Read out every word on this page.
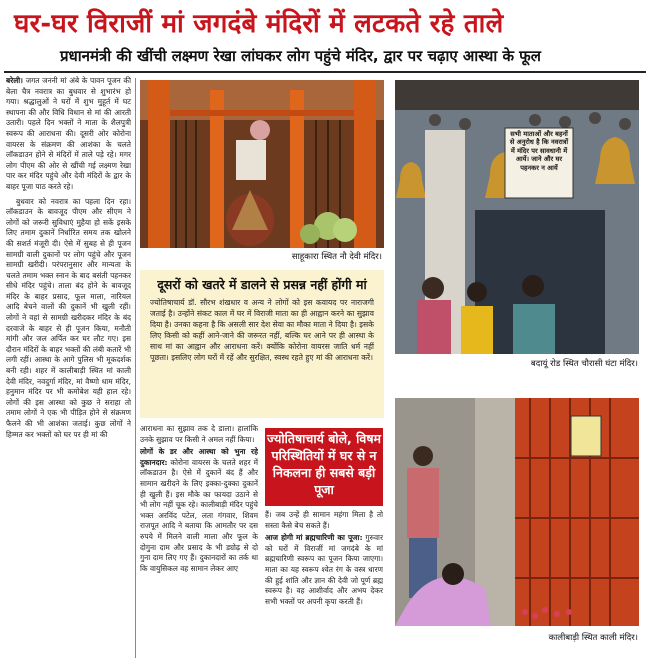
घर-घर विराजीं मां जगदंबे मंदिरों में लटकते रहे ताले
प्रधानमंत्री की खींची लक्ष्मण रेखा लांघकर लोग पहुंचे मंदिर, द्वार पर चढ़ाए आस्था के फूल

बरेली। जगत जननी मां अंबे के पावन पूजन की बेला चैत्र नवरात्र का बुधवार से शुभारंभ हो गया। श्रद्धालुओं ने घरों में शुभ मुहूर्त में घट स्थापना की और विधि विधान से मां की आरती उतारी। पहले दिन भक्तों ने माता के शैलपुत्री स्वरूप की आराधना की। दूसरी ओर कोरोना वायरस के संक्रमण की आशंका के चलते लॉकडाउन होने से मंदिरों में ताले पड़े रहे। मगर लोग पीएम की ओर से खींची गई लक्ष्मण रेखा पार कर मंदिर पहुंचे और देवी मंदिरों के द्वार के बाहर पूजा पाठ करते रहे।

बुधवार को नवरात्र का पहला दिन रहा। लॉकडाउन के बावजूद पीएम और सीएम ने लोगों को जरूरी सुविधाएं मुहैया हो सकें इसके लिए तमाम दुकानें निर्धारित समय तक खोलने की सशर्त मंजूरी दी। ऐसे में सुबह से ही पूजन सामग्री वाली दुकानों पर लोग पहुंचे और पूजन सामग्री खरीदी। परंपरानुसार और मान्यता के चलते तमाम भक्त स्नान के बाद बसंती पहनकर सीधे मंदिर पहुंचे। ताला बंद होने के बावजूद मंदिर के बाहर प्रसाद, फूल माला, नारियल आदि बेचने वालों की दुकानें भी खुली रहीं। लोगों ने वहां से सामग्री खरीदकर मंदिर के बंद दरवाजे के बाहर से ही पूजन किया, मनौती मांगी और जल अर्पित कर घर लौट गए। इस दौरान मंदिरों के बाहर भक्तों की लंबी कतारें भी लगी रहीं। आस्था के आगे पुलिस भी मूकदर्शक बनी रही। शहर में कालीबाड़ी स्थित मां काली देवी मंदिर, नवदुर्गा मंदिर, मां वैष्णो धाम मंदिर, हनुमान मंदिर पर भी कमोबेश यही हाल रहे। लोगों की इस आस्था को कुछ ने सराहा तो तमाम लोगों ने एक भी पीड़ित होने से संक्रमण फैलने की भी आशंका जताई। कुछ लोगों ने हिम्मत कर भक्तों को घर पर ही मां की

साहूकारा स्थित नौ देवी मंदिर।
दूसरों को खतरे में डालने से प्रसन्न नहीं होंगी मां
ज्योतिषाचार्य डॉ. सौरभ शंखधार व अन्य ने लोगों को इस कवायद पर नाराजगी जताई है। उन्होंने संकट काल में घर में विराजी माता का ही आह्वान करने का सुझाव दिया है। उनका कहना है कि असली सार देश सेवा का मौका माता ने दिया है। इसके लिए किसी को कहीं आने-जाने की जरूरत नहीं, बल्कि घर आने पर ही आस्था के साथ मां का आह्वान और आराधना करें। क्योंकि कोरोना वायरस जाति धर्म नहीं पूछता। इसलिए लोग घरों में रहें और सुरक्षित, स्वस्थ रहते हुए मां की आराधना करें।

आराधना का सुझाव तक दे डाला। हालांकि उनके सुझाव पर किसी ने अमल नहीं किया।

लोगों के डर और आस्था को भुना रहे दुकानदार: कोरोना वायरस के चलते शहर में लॉकडाउन है। ऐसे में दुकानें बंद हैं और सामान खरीदने के लिए इक्का-दुक्का दुकानें ही खुली हैं। इस मौके का फायदा उठाने से भी लोग नहीं चूक रहे। कालीबाड़ी मंदिर पहुंचे भक्त अरविंद पटेल, लता गंगवार, शिवम राजपूत आदि ने बताया कि आमतौर पर दस रुपये में मिलने वाली माला और फूल के दोगुना दाम और प्रसाद के भी ड्योढ़ से दो गुना दाम लिए गए हैं। दुकानदारों का तर्क था कि वायुसिकल वह सामान लेकर आए

ज्योतिषाचार्य बोले, विषम परिस्थितियों में घर से न निकलना ही सबसे बड़ी पूजा

हैं। जब उन्हें ही सामान महंगा मिला है तो सस्ता कैसे बेच सकते हैं।

आज होगी मां ब्रह्मचारिणी का पूजा: गुरुवार को घरों में विराजीं मां जगदंबे के मां ब्रह्मचारिणी स्वरूप का पूजन किया जाएगा। माता का यह स्वरूप श्वेत रंग के वस्त्र धारण की हुई शांति और ज्ञान की देवी जो पूर्ण ब्रह्म स्वरूप है। वह आशीर्वाद और अभय देकर सभी भक्तों पर अपनी कृपा करती हैं।

सभी माताओं और बहनों से अनुरोध है कि नवरात्रों में मंदिर पर सावधानी में आयें। जाने और घर पहनकर न आयें
बदायूं रोड स्थित चौरासी घंटा मंदिर।
कालीबाड़ी स्थित काली मंदिर।
